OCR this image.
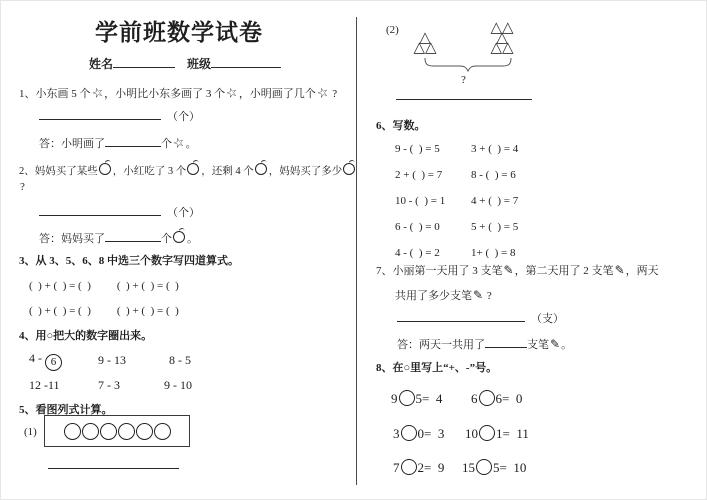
学前班数学试卷
姓名	班级
1、小东画 5 个☆，小明比小东多画了 3 个☆，小明画了几个☆ ?
（个）
答：小明画了	个☆。
2、妈妈买了某些 ，小红吃了 3 个 ，还剩 4 个 ，妈妈买了多少
?
（个）
答：妈妈买了	个 。
3、从 3、5、6、8 中选三个数字写四道算式。
(  ) + (  ) = (  ) (  ) + (  ) = (  )
(  ) + (  ) = (  ) (  ) + (  ) = (  )
4、用○把大的数字圈出来。
4 - 6	9 - 13	8 - 5
12 -11	7 - 3	9 - 10
5、看图列式计算。
(1)
(2)	△
△△
△△
△
△△
?
6、写数。
9 - (  ) = 5	3 + (  ) = 4
2 + (  ) = 7	8 - (  ) = 6
10 - (  ) = 1 4 + (  ) = 7
6 - (  ) = 0	5 + (  ) = 5
4 - (  ) = 2	1+ (  ) = 8
7、小丽第一天用了 3 支笔✎，第二天用了 2 支笔✎，两天
共用了多少支笔✎ ?
（支）
答：两天一共用了	支笔✎。
8、在○里写上“+、-”号。
9 5=  4 6 6=  0
3 0=  3 10 1=  11
7 2=  9 15 5=  10
